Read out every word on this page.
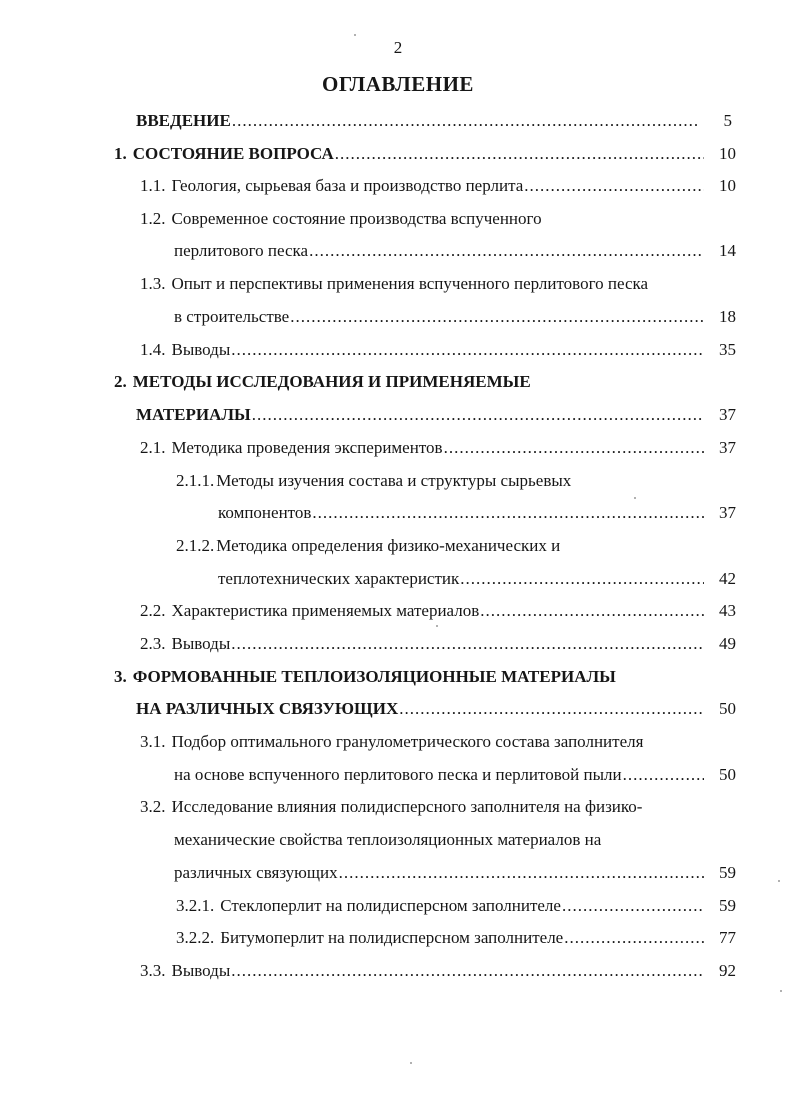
2
ОГЛАВЛЕНИЕ
ВВЕДЕНИЕ .....	5
1. СОСТОЯНИЕ ВОПРОСА .....	10
1.1. Геология, сырьевая база и производство перлита .....	10
1.2. Современное состояние производства вспученного
перлитового песка .....	14
1.3. Опыт и перспективы применения вспученного перлитового песка
в строительстве .....	18
1.4. Выводы .....	35
2. МЕТОДЫ ИССЛЕДОВАНИЯ И ПРИМЕНЯЕМЫЕ
МАТЕРИАЛЫ .....	37
2.1. Методика проведения экспериментов .....	37
2.1.1. Методы изучения состава и структуры сырьевых
компонентов .....	37
2.1.2. Методика определения физико-механических и
теплотехнических характеристик .....	42
2.2. Характеристика применяемых материалов .....	43
2.3. Выводы .....	49
3. ФОРМОВАННЫЕ ТЕПЛОИЗОЛЯЦИОННЫЕ МАТЕРИАЛЫ
НА РАЗЛИЧНЫХ СВЯЗУЮЩИХ .....	50
3.1. Подбор оптимального гранулометрического состава заполнителя
на основе вспученного перлитового песка и перлитовой пыли .....	50
3.2. Исследование влияния полидисперсного заполнителя на физико-
механические свойства теплоизоляционных материалов на
различных связующих .....	59
3.2.1. Стеклоперлит на полидисперсном заполнителе .....	59
3.2.2. Битумоперлит на полидисперсном заполнителе .....	77
3.3. Выводы .....	92
